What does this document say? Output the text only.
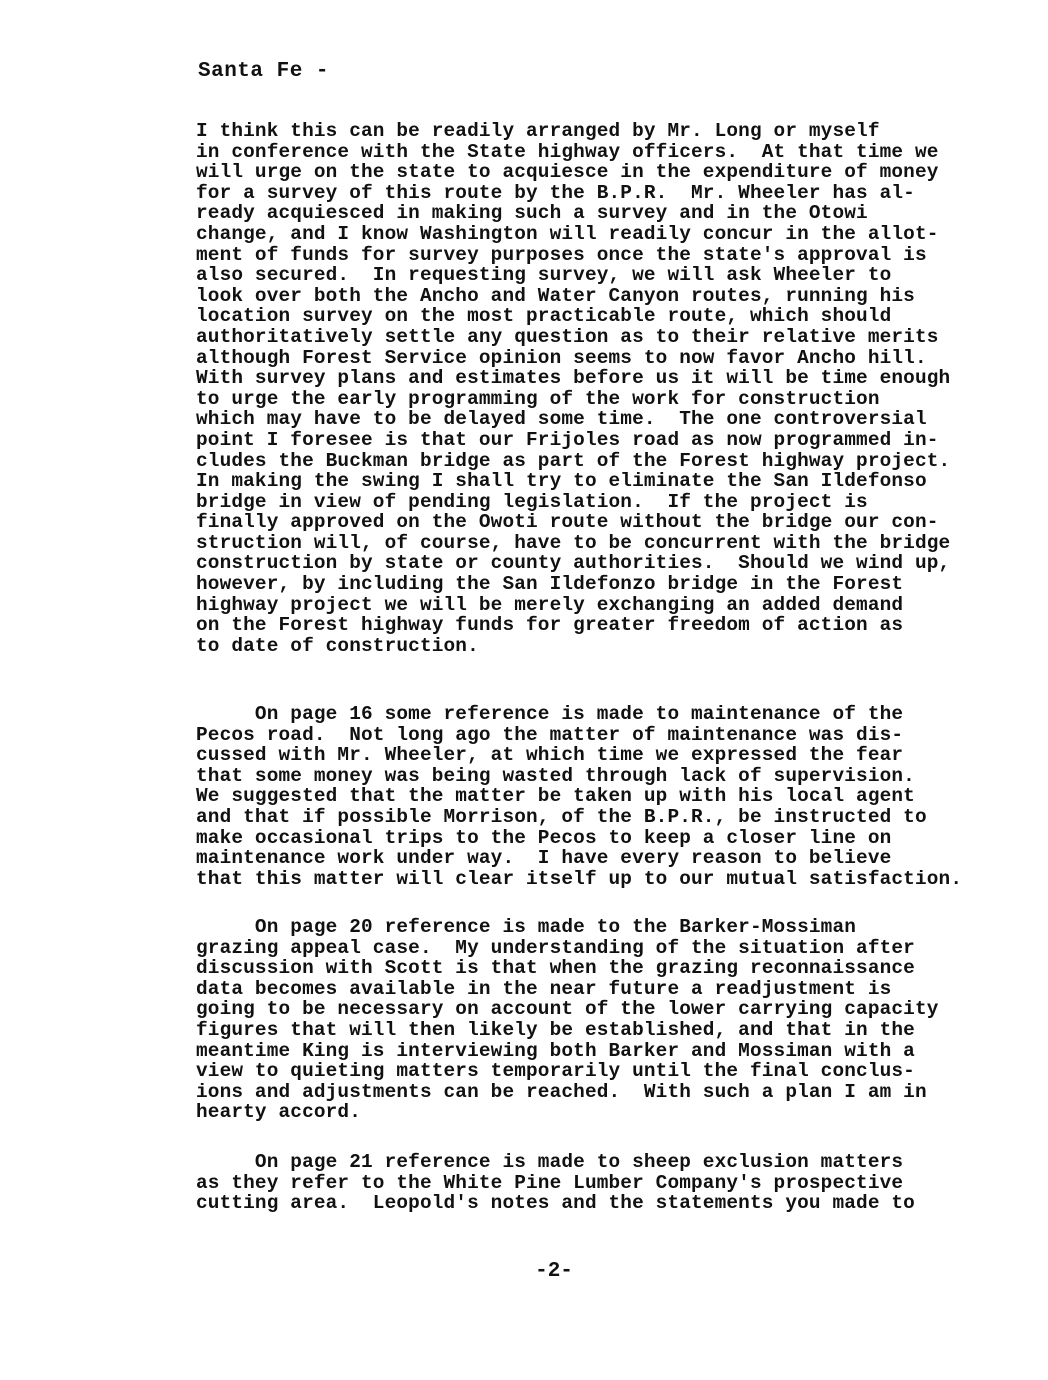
Santa Fe -
I think this can be readily arranged by Mr. Long or myself
in conference with the State highway officers.  At that time we
will urge on the state to acquiesce in the expenditure of money
for a survey of this route by the B.P.R.  Mr. Wheeler has al-
ready acquiesced in making such a survey and in the Otowi
change, and I know Washington will readily concur in the allot-
ment of funds for survey purposes once the state's approval is
also secured.  In requesting survey, we will ask Wheeler to
look over both the Ancho and Water Canyon routes, running his
location survey on the most practicable route, which should
authoritatively settle any question as to their relative merits
although Forest Service opinion seems to now favor Ancho hill.
With survey plans and estimates before us it will be time enough
to urge the early programming of the work for construction
which may have to be delayed some time.  The one controversial
point I foresee is that our Frijoles road as now programmed in-
cludes the Buckman bridge as part of the Forest highway project.
In making the swing I shall try to eliminate the San Ildefonso
bridge in view of pending legislation.  If the project is
finally approved on the Owoti route without the bridge our con-
struction will, of course, have to be concurrent with the bridge
construction by state or county authorities.  Should we wind up,
however, by including the San Ildefonzo bridge in the Forest
highway project we will be merely exchanging an added demand
on the Forest highway funds for greater freedom of action as
to date of construction.
On page 16 some reference is made to maintenance of the
Pecos road.  Not long ago the matter of maintenance was dis-
cussed with Mr. Wheeler, at which time we expressed the fear
that some money was being wasted through lack of supervision.
We suggested that the matter be taken up with his local agent
and that if possible Morrison, of the B.P.R., be instructed to
make occasional trips to the Pecos to keep a closer line on
maintenance work under way.  I have every reason to believe
that this matter will clear itself up to our mutual satisfaction.
On page 20 reference is made to the Barker-Mossiman
grazing appeal case.  My understanding of the situation after
discussion with Scott is that when the grazing reconnaissance
data becomes available in the near future a readjustment is
going to be necessary on account of the lower carrying capacity
figures that will then likely be established, and that in the
meantime King is interviewing both Barker and Mossiman with a
view to quieting matters temporarily until the final conclus-
ions and adjustments can be reached.  With such a plan I am in
hearty accord.
On page 21 reference is made to sheep exclusion matters
as they refer to the White Pine Lumber Company's prospective
cutting area.  Leopold's notes and the statements you made to
-2-
